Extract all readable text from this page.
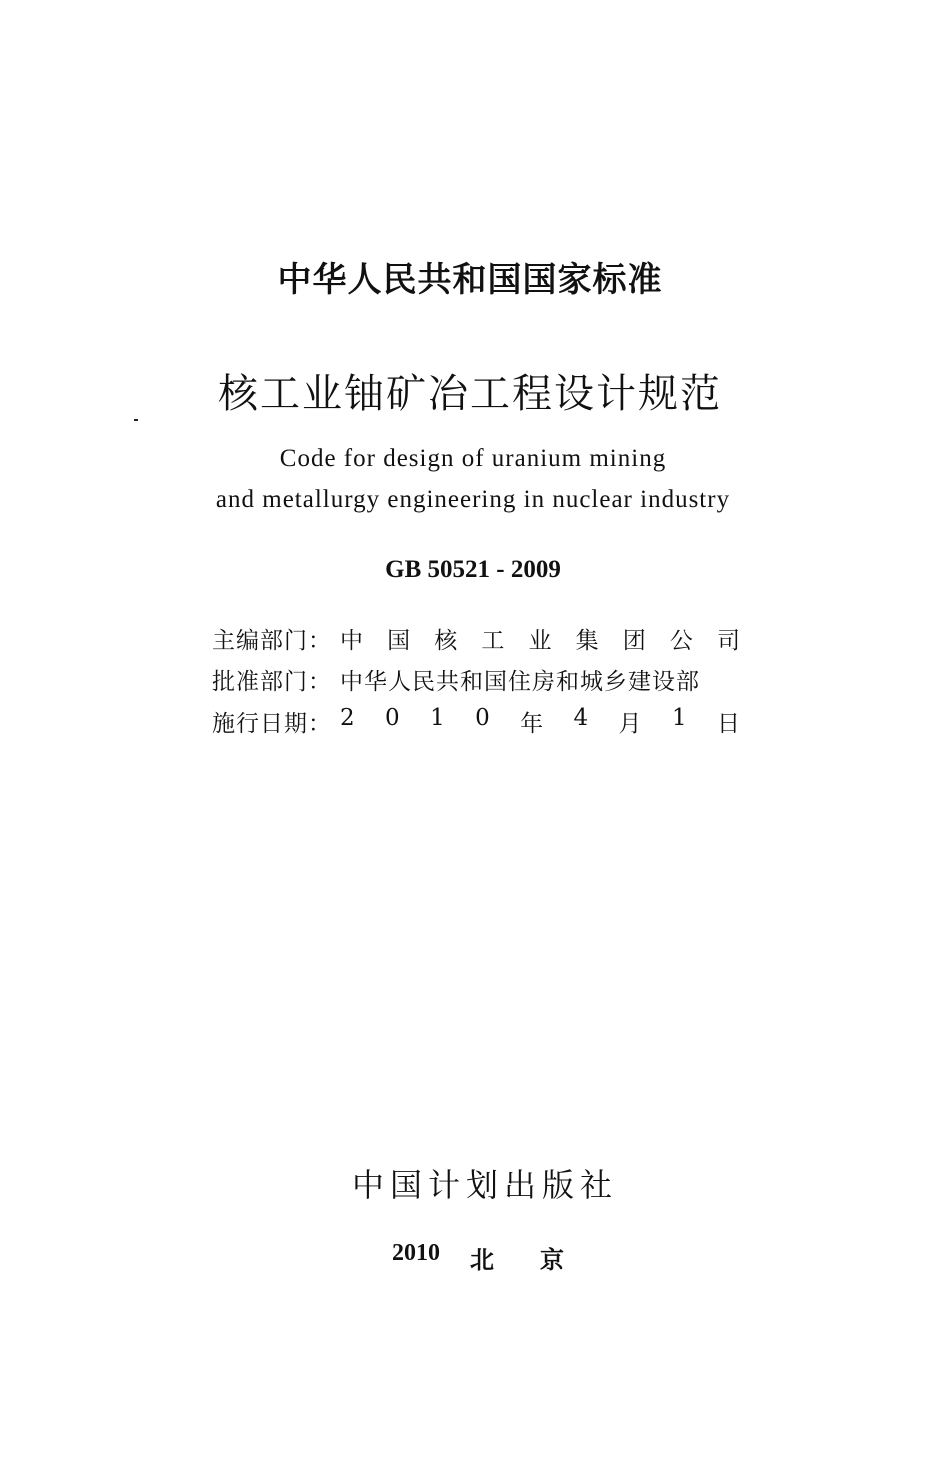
中华人民共和国国家标准
核工业铀矿冶工程设计规范
Code for design of uranium mining
and metallurgy engineering in nuclear industry
GB 50521 - 2009
主编部门： 中 国 核 工 业 集 团 公 司
批准部门： 中华人民共和国住房和城乡建设部
施行日期： 2 0 1 0 年 4 月 1 日
中国计划出版社
2010 北京
